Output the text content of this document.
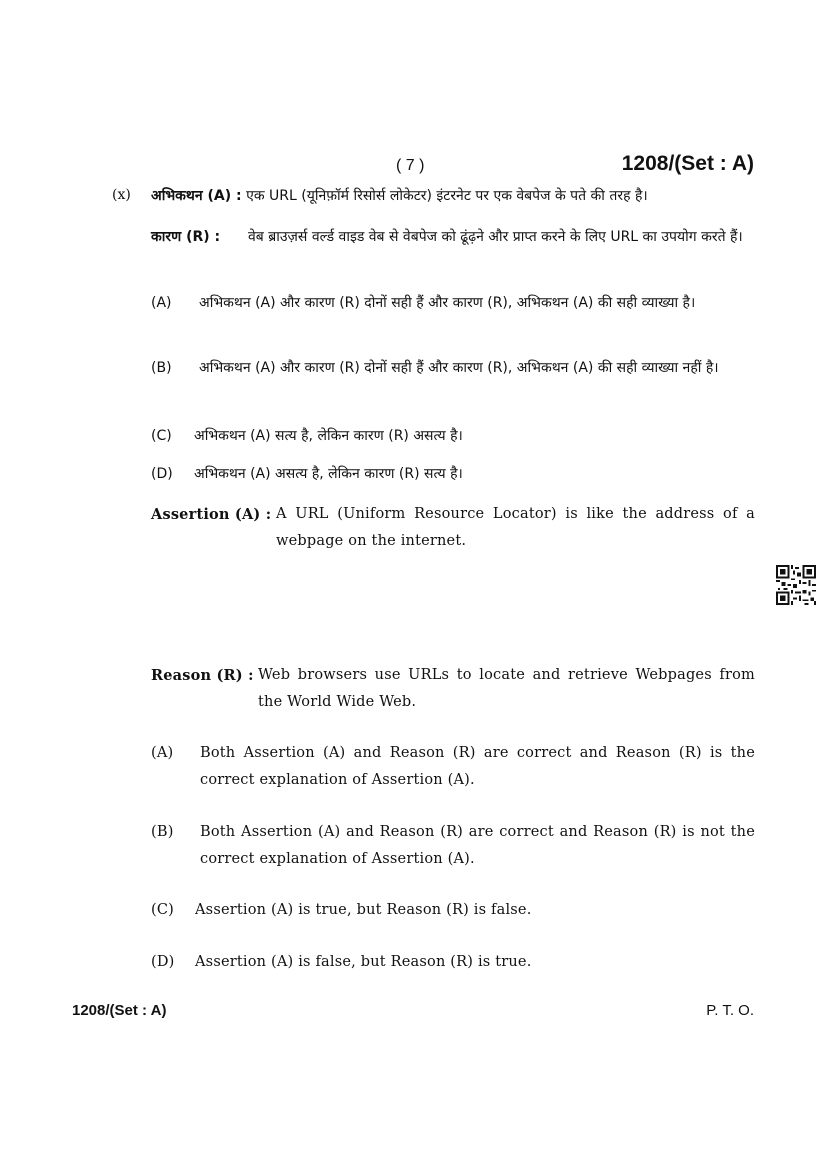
( 7 )	1208/(Set : A)
(x) अभिकथन (A) : एक URL (यूनिफ़ॉर्म रिसोर्स लोकेटर) इंटरनेट पर एक वेबपेज के पते की तरह है।
कारण (R) : वेब ब्राउज़र्स वर्ल्ड वाइड वेब से वेबपेज को ढूंढ़ने और प्राप्त करने के लिए URL का उपयोग करते हैं।
(A) अभिकथन (A) और कारण (R) दोनों सही हैं और कारण (R), अभिकथन (A) की सही व्याख्या है।
(B) अभिकथन (A) और कारण (R) दोनों सही हैं और कारण (R), अभिकथन (A) की सही व्याख्या नहीं है।
(C) अभिकथन (A) सत्य है, लेकिन कारण (R) असत्य है।
(D) अभिकथन (A) असत्य है, लेकिन कारण (R) सत्य है।
Assertion (A) : A URL (Uniform Resource Locator) is like the address of a webpage on the internet.
Reason (R) : Web browsers use URLs to locate and retrieve Webpages from the World Wide Web.
(A) Both Assertion (A) and Reason (R) are correct and Reason (R) is the correct explanation of Assertion (A).
(B) Both Assertion (A) and Reason (R) are correct and Reason (R) is not the correct explanation of Assertion (A).
(C) Assertion (A) is true, but Reason (R) is false.
(D) Assertion (A) is false, but Reason (R) is true.
1208/(Set : A)	P. T. O.
